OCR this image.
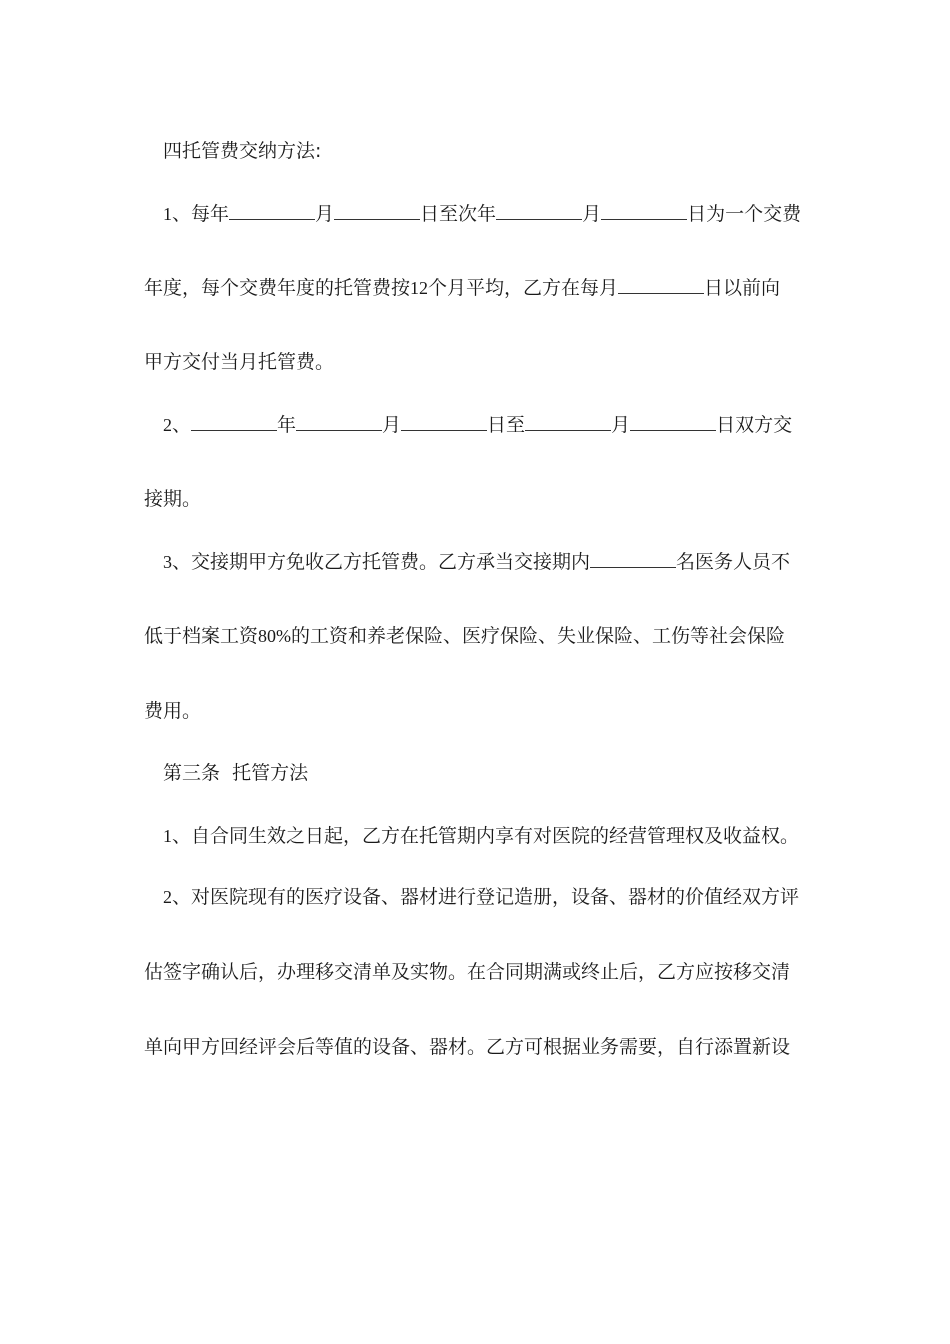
四托管费交纳方法:
1、每年	月	日至次年	月	日为一个交费
年度，每个交费年度的托管费按12个月平均，乙方在每月	日以前向
甲方交付当月托管费。
2、	年	月	日至	月	日双方交
接期。
3、交接期甲方免收乙方托管费。乙方承当交接期内	名医务人员不
低于档案工资80%的工资和养老保险、医疗保险、失业保险、工伤等社会保险
费用。
第三条  托管方法
1、自合同生效之日起，乙方在托管期内享有对医院的经营管理权及收益权。
2、对医院现有的医疗设备、器材进行登记造册，设备、器材的价值经双方评
估签字确认后，办理移交清单及实物。在合同期满或终止后，乙方应按移交清
单向甲方回经评会后等值的设备、器材。乙方可根据业务需要，自行添置新设
